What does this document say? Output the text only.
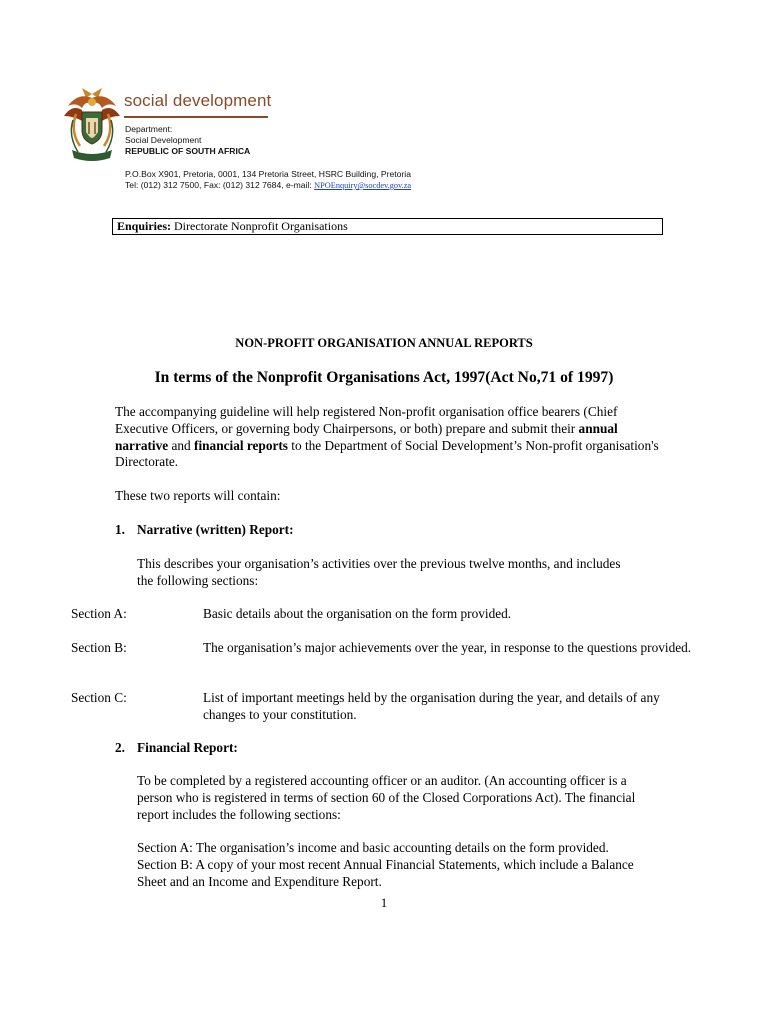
social development
Department:
Social Development
REPUBLIC OF SOUTH AFRICA
P.O.Box X901, Pretoria, 0001, 134 Pretoria Street, HSRC Building, Pretoria
Tel: (012) 312 7500, Fax: (012) 312 7684, e-mail: NPOEnquiry@socdev.gov.za
Enquiries: Directorate Nonprofit Organisations
NON-PROFIT ORGANISATION ANNUAL REPORTS
In terms of the Nonprofit Organisations Act, 1997(Act No,71 of 1997)
The accompanying guideline will help registered Non-profit organisation office bearers (Chief Executive Officers, or governing body Chairpersons, or both) prepare and submit their annual narrative and financial reports to the Department of Social Development’s Non-profit organisation's Directorate.
These two reports will contain:
1. Narrative (written) Report:
This describes your organisation’s activities over the previous twelve months, and includes the following sections:
Section A:	Basic details about the organisation on the form provided.
Section B:	The organisation’s major achievements over the year, in response to the questions provided.
Section C:	List of important meetings held by the organisation during the year, and details of any changes to your constitution.
2. Financial Report:
To be completed by a registered accounting officer or an auditor. (An accounting officer is a person who is registered in terms of section 60 of the Closed Corporations Act). The financial report includes the following sections:
Section A: The organisation’s income and basic accounting details on the form provided.
Section B: A copy of your most recent Annual Financial Statements, which include a Balance Sheet and an Income and Expenditure Report.
1
